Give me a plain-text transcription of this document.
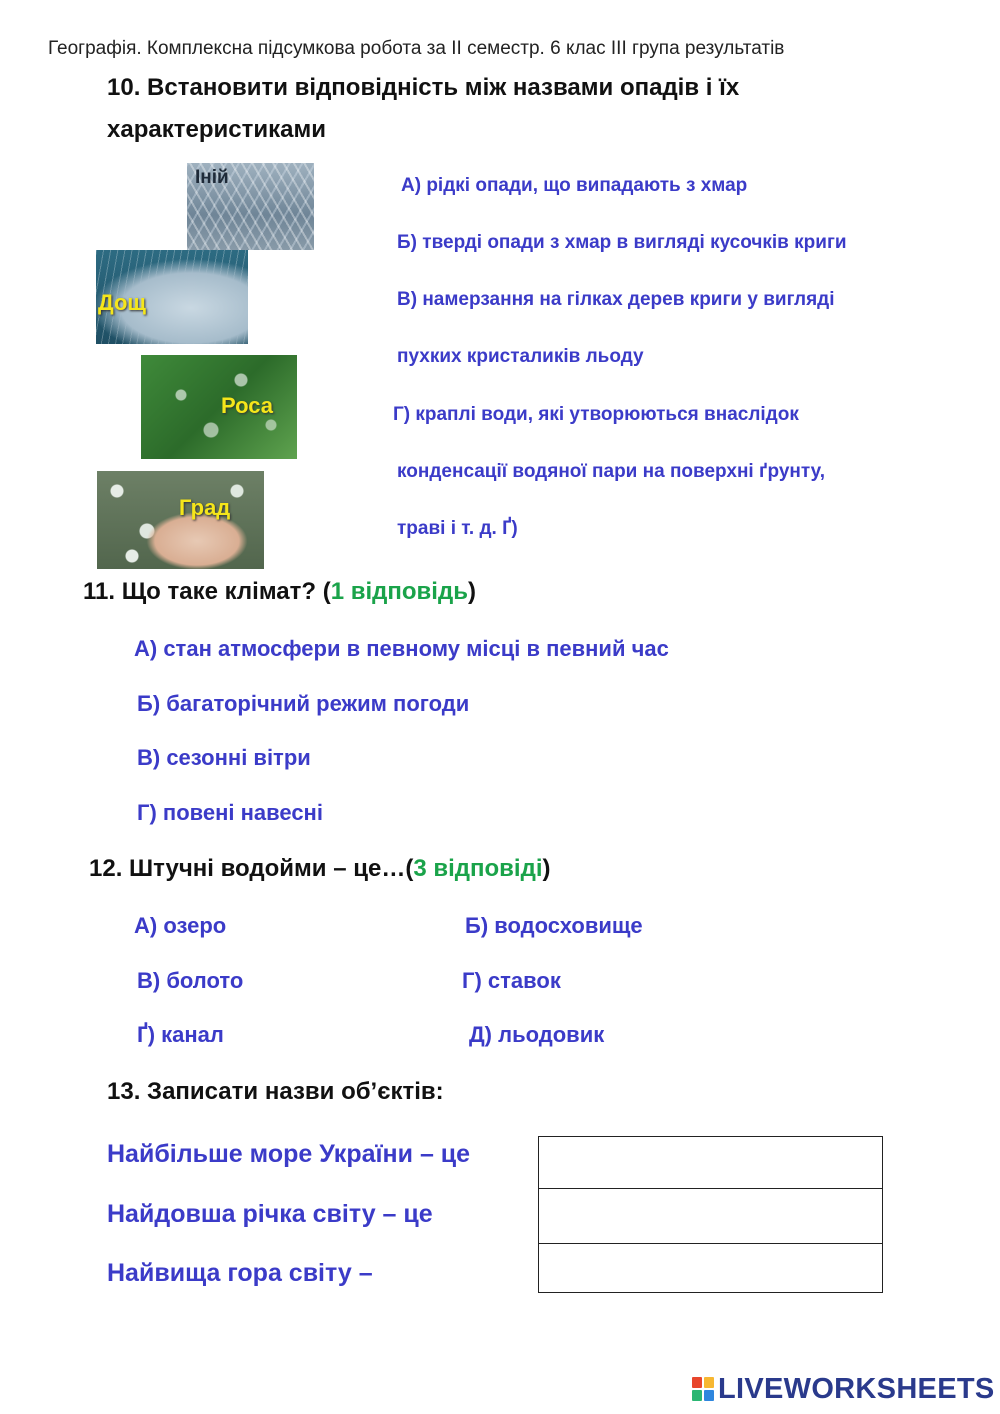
Географія. Комплексна підсумкова робота за ІІ семестр. 6 клас ІІІ група результатів
10. Встановити відповідність між назвами опадів і їх
характеристиками
Іній
Дощ
Роса
Град
А) рідкі опади, що випадають з хмар
Б) тверді опади з хмар в вигляді кусочків криги
В) намерзання на гілках дерев криги у вигляді
пухких кристаликів льоду
Г) краплі води, які утворюються внаслідок
конденсації водяної пари на поверхні ґрунту,
траві і т. д. Ґ)
11. Що таке клімат? (1 відповідь)
А) стан атмосфери в певному місці в певний час
Б) багаторічний режим погоди
В) сезонні вітри
Г) повені навесні
12. Штучні водойми – це…(3 відповіді)
А) озеро	Б) водосховище
В) болото	Г) ставок
Ґ) канал	Д) льодовик
13. Записати назви об’єктів:
Найбільше море України – це
Найдовша річка світу – це
Найвища гора світу –
LIVEWORKSHEETS
